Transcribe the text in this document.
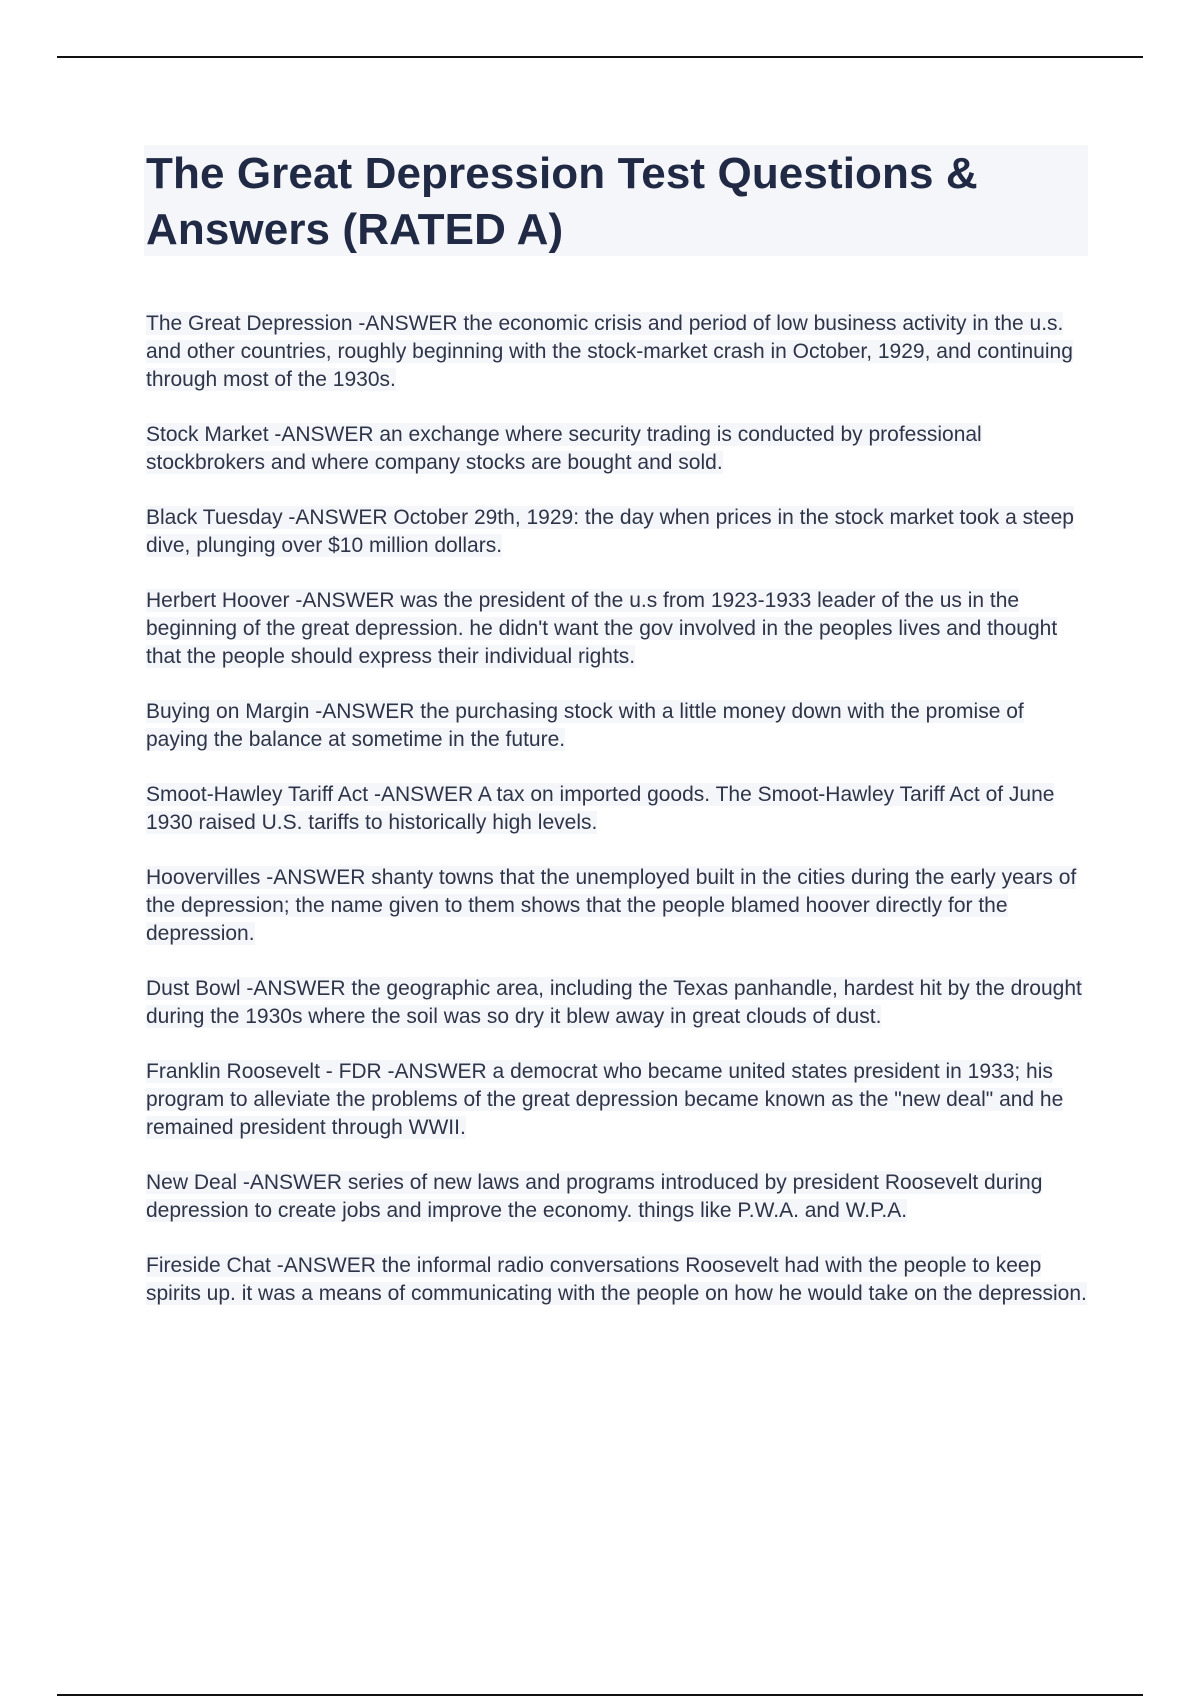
The Great Depression Test Questions & Answers (RATED A)

The Great Depression -ANSWER the economic crisis and period of low business activity in the u.s. and other countries, roughly beginning with the stock-market crash in October, 1929, and continuing through most of the 1930s.

Stock Market -ANSWER an exchange where security trading is conducted by professional stockbrokers and where company stocks are bought and sold.

Black Tuesday -ANSWER October 29th, 1929: the day when prices in the stock market took a steep dive, plunging over $10 million dollars.

Herbert Hoover -ANSWER was the president of the u.s from 1923-1933 leader of the us in the beginning of the great depression. he didn't want the gov involved in the peoples lives and thought that the people should express their individual rights.

Buying on Margin -ANSWER the purchasing stock with a little money down with the promise of paying the balance at sometime in the future.

Smoot-Hawley Tariff Act -ANSWER A tax on imported goods. The Smoot-Hawley Tariff Act of June 1930 raised U.S. tariffs to historically high levels.

Hoovervilles -ANSWER shanty towns that the unemployed built in the cities during the early years of the depression; the name given to them shows that the people blamed hoover directly for the depression.

Dust Bowl -ANSWER the geographic area, including the Texas panhandle, hardest hit by the drought during the 1930s where the soil was so dry it blew away in great clouds of dust.

Franklin Roosevelt - FDR -ANSWER a democrat who became united states president in 1933; his program to alleviate the problems of the great depression became known as the "new deal" and he remained president through WWII.

New Deal -ANSWER series of new laws and programs introduced by president Roosevelt during depression to create jobs and improve the economy. things like P.W.A. and W.P.A.

Fireside Chat -ANSWER the informal radio conversations Roosevelt had with the people to keep spirits up. it was a means of communicating with the people on how he would take on the depression.
